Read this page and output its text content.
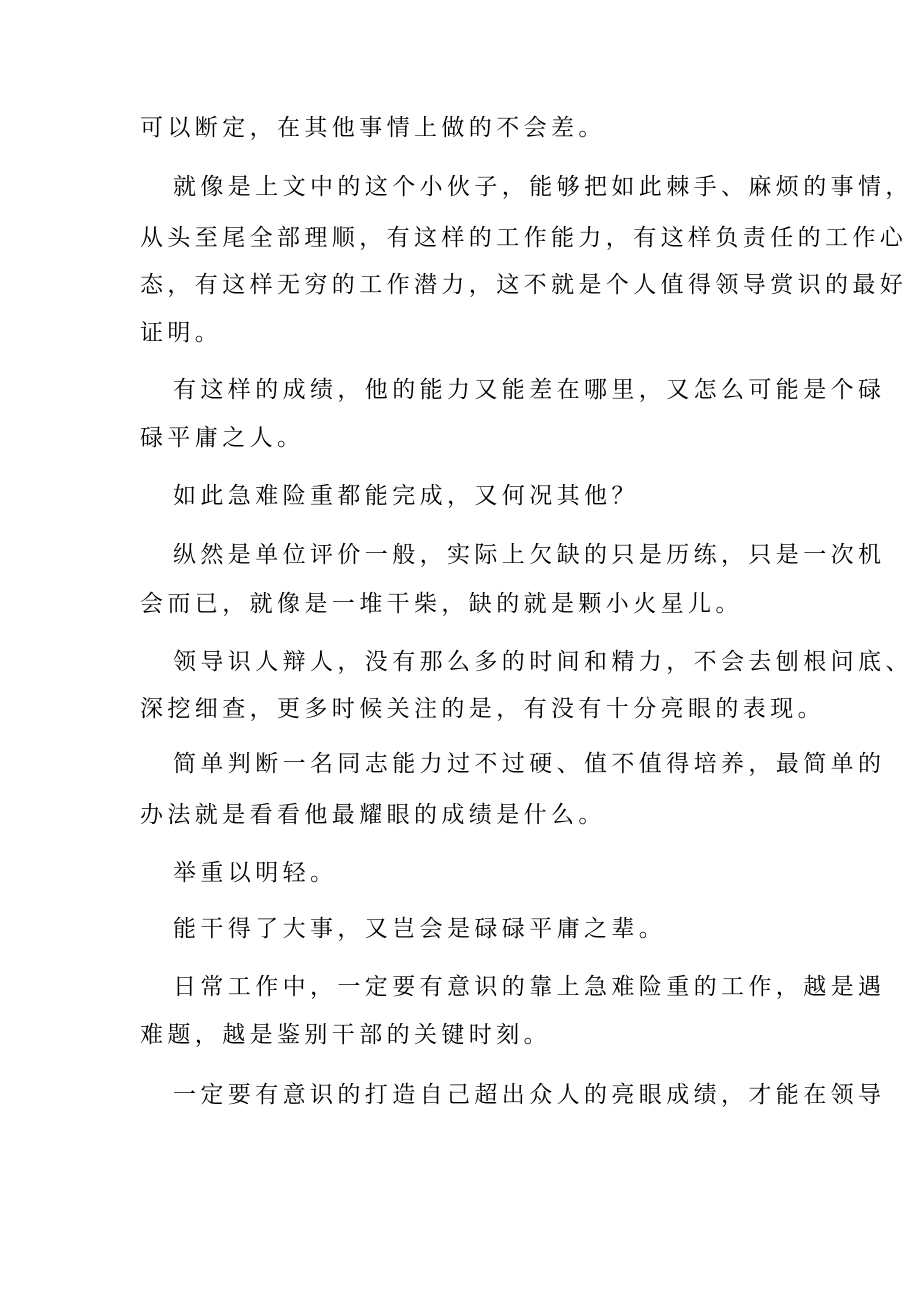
可以断定，在其他事情上做的不会差。

就像是上文中的这个小伙子，能够把如此棘手、麻烦的事情，

从头至尾全部理顺，有这样的工作能力，有这样负责任的工作心

态，有这样无穷的工作潜力，这不就是个人值得领导赏识的最好

证明。

有这样的成绩，他的能力又能差在哪里，又怎么可能是个碌

碌平庸之人。

如此急难险重都能完成，又何况其他？

纵然是单位评价一般，实际上欠缺的只是历练，只是一次机

会而已，就像是一堆干柴，缺的就是颗小火星儿。

领导识人辩人，没有那么多的时间和精力，不会去刨根问底、

深挖细查，更多时候关注的是，有没有十分亮眼的表现。

简单判断一名同志能力过不过硬、值不值得培养，最简单的

办法就是看看他最耀眼的成绩是什么。

举重以明轻。

能干得了大事，又岂会是碌碌平庸之辈。

日常工作中，一定要有意识的靠上急难险重的工作，越是遇

难题，越是鉴别干部的关键时刻。

一定要有意识的打造自己超出众人的亮眼成绩，才能在领导
